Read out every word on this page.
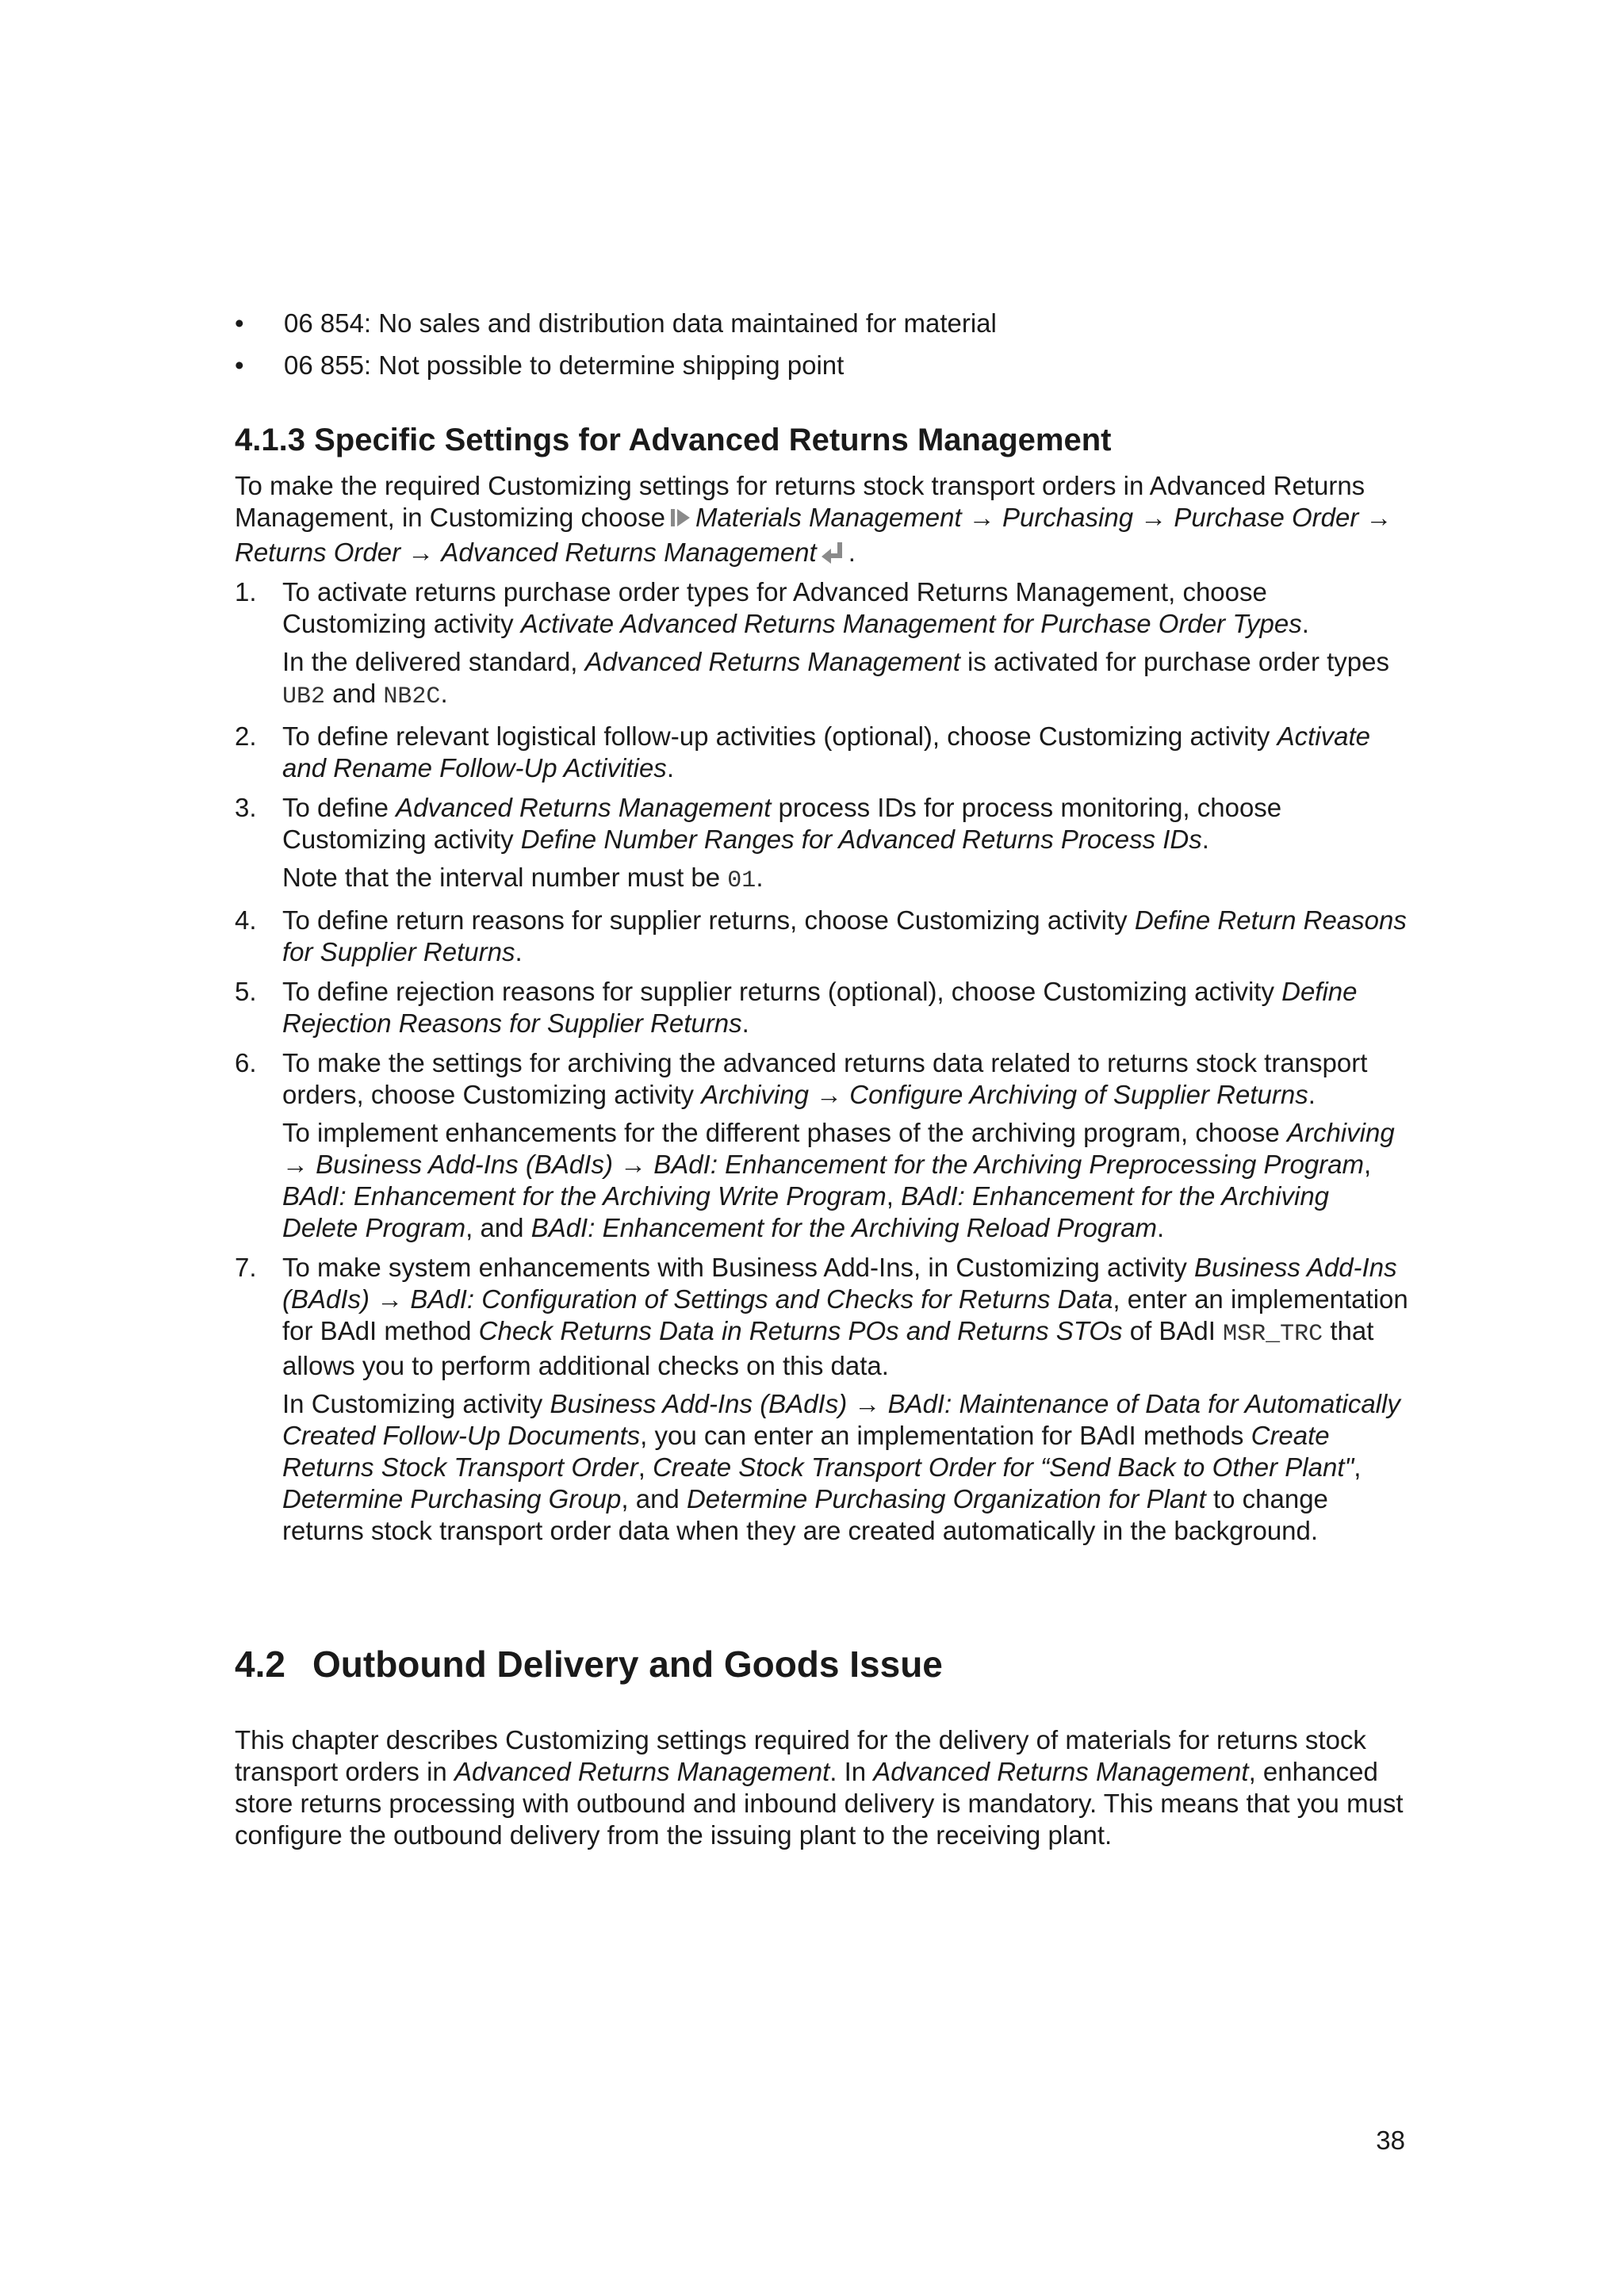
• 06 854: No sales and distribution data maintained for material
• 06 855: Not possible to determine shipping point
4.1.3 Specific Settings for Advanced Returns Management

To make the required Customizing settings for returns stock transport orders in Advanced Returns Management, in Customizing choose Materials Management → Purchasing → Purchase Order → Returns Order → Advanced Returns Management .

1. To activate returns purchase order types for Advanced Returns Management, choose Customizing activity Activate Advanced Returns Management for Purchase Order Types.

In the delivered standard, Advanced Returns Management is activated for purchase order types UB2 and NB2C.

2. To define relevant logistical follow-up activities (optional), choose Customizing activity Activate and Rename Follow-Up Activities.

3. To define Advanced Returns Management process IDs for process monitoring, choose Customizing activity Define Number Ranges for Advanced Returns Process IDs.

Note that the interval number must be 01.

4. To define return reasons for supplier returns, choose Customizing activity Define Return Reasons for Supplier Returns.

5. To define rejection reasons for supplier returns (optional), choose Customizing activity Define Rejection Reasons for Supplier Returns.

6. To make the settings for archiving the advanced returns data related to returns stock transport orders, choose Customizing activity Archiving → Configure Archiving of Supplier Returns.

To implement enhancements for the different phases of the archiving program, choose Archiving → Business Add-Ins (BAdIs) → BAdI: Enhancement for the Archiving Preprocessing Program, BAdI: Enhancement for the Archiving Write Program, BAdI: Enhancement for the Archiving Delete Program, and BAdI: Enhancement for the Archiving Reload Program.

7. To make system enhancements with Business Add-Ins, in Customizing activity Business Add-Ins (BAdIs) → BAdI: Configuration of Settings and Checks for Returns Data, enter an implementation for BAdI method Check Returns Data in Returns POs and Returns STOs of BAdI MSR_TRC that allows you to perform additional checks on this data.

In Customizing activity Business Add-Ins (BAdIs) → BAdI: Maintenance of Data for Automatically Created Follow-Up Documents, you can enter an implementation for BAdI methods Create Returns Stock Transport Order, Create Stock Transport Order for “Send Back to Other Plant", Determine Purchasing Group, and Determine Purchasing Organization for Plant to change returns stock transport order data when they are created automatically in the background.

4.2 Outbound Delivery and Goods Issue

This chapter describes Customizing settings required for the delivery of materials for returns stock transport orders in Advanced Returns Management. In Advanced Returns Management, enhanced store returns processing with outbound and inbound delivery is mandatory. This means that you must configure the outbound delivery from the issuing plant to the receiving plant.

38
